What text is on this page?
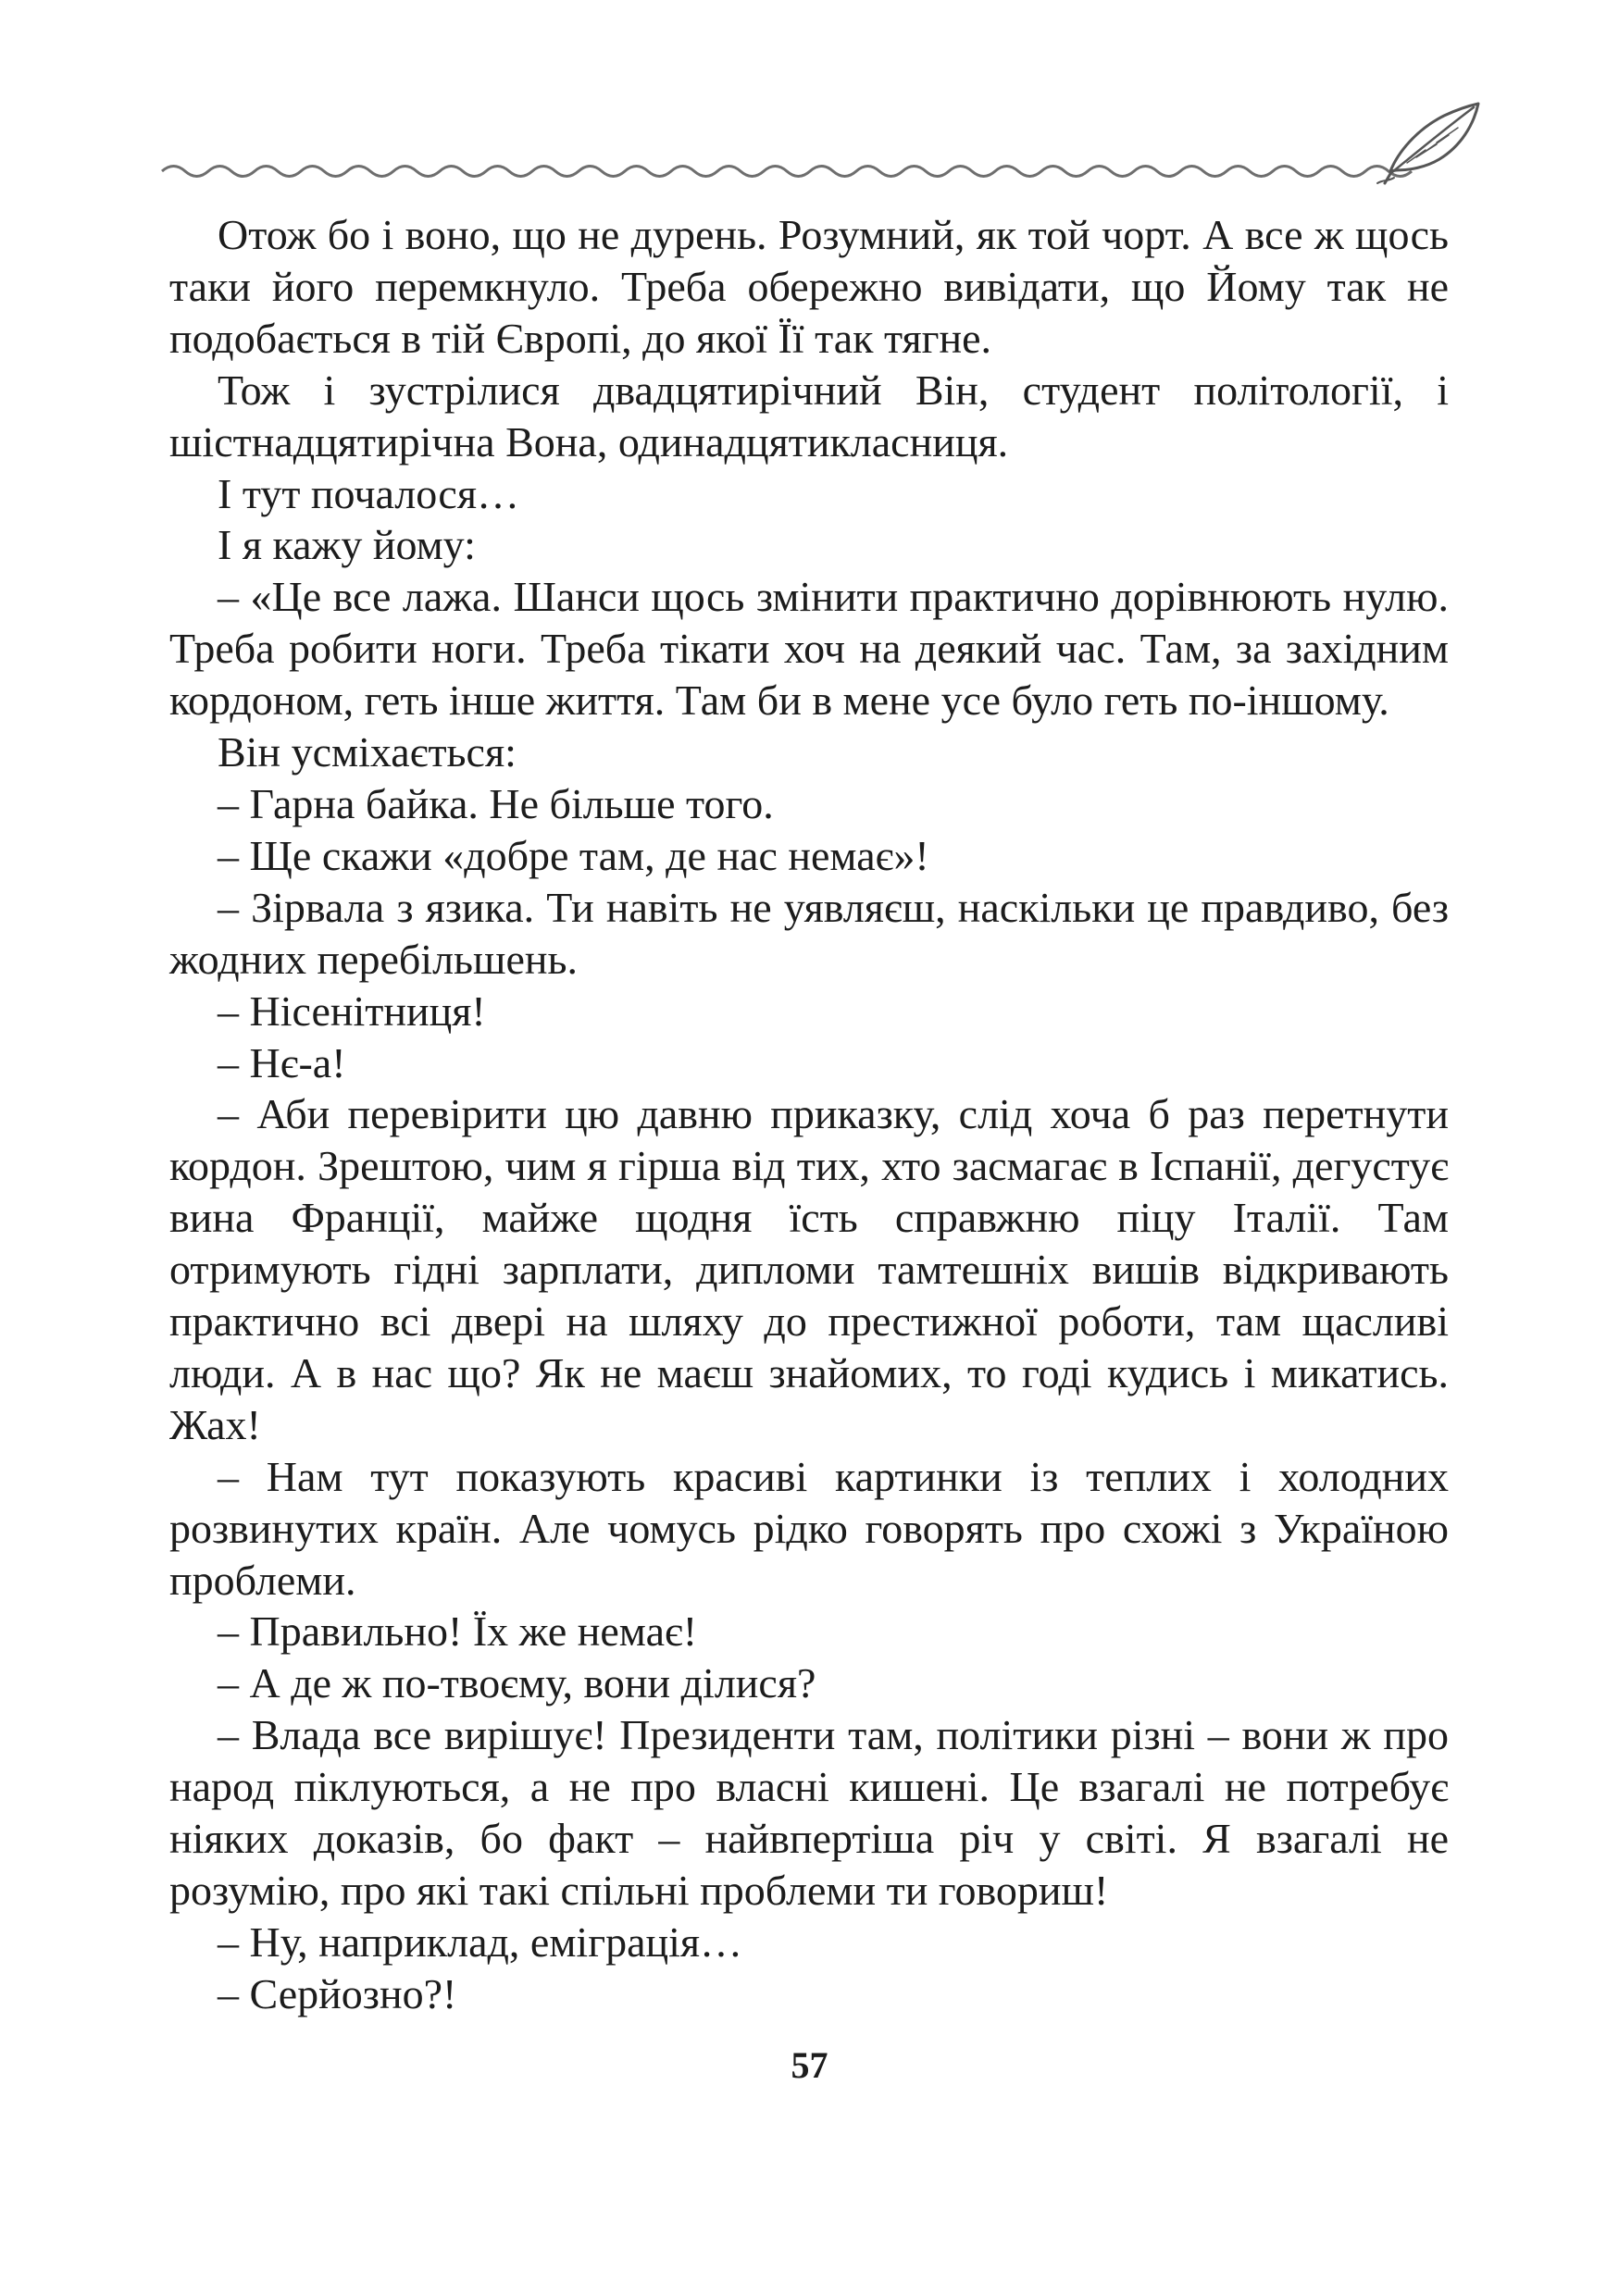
Отож бо і воно, що не дурень. Розумний, як той чорт. А все ж щось таки його перемкнуло. Треба обережно вивідати, що Йому так не подобається в тій Європі, до якої Її так тягне.

Тож і зустрілися двадцятирічний Він, студент політології, і шістнадцятирічна Вона, одинадцятикласниця.

І тут почалося…

І я кажу йому:

– «Це все лажа. Шанси щось змінити практично дорівнюють нулю. Треба робити ноги. Треба тікати хоч на деякий час. Там, за західним кордоном, геть інше життя. Там би в мене усе було геть по-іншому.

Він усміхається:

– Гарна байка. Не більше того.

– Ще скажи «добре там, де нас немає»!

– Зірвала з язика. Ти навіть не уявляєш, наскільки це правдиво, без жодних перебільшень.

– Нісенітниця!

– Нє-а!

– Аби перевірити цю давню приказку, слід хоча б раз перетнути кордон. Зрештою, чим я гірша від тих, хто засмагає в Іспанії, дегустує вина Франції, майже щодня їсть справжню піцу Італії. Там отримують гідні зарплати, дипломи тамтешніх вишів відкривають практично всі двері на шляху до престижної роботи, там щасливі люди. А в нас що? Як не маєш знайомих, то годі кудись і микатись. Жах!

– Нам тут показують красиві картинки із теплих і холодних розвинутих країн. Але чомусь рідко говорять про схожі з Україною проблеми.

– Правильно! Їх же немає!

– А де ж по-твоєму, вони ділися?

– Влада все вирішує! Президенти там, політики різні – вони ж про народ піклуються, а не про власні кишені. Це взагалі не потребує ніяких доказів, бо факт – найвпертіша річ у світі. Я взагалі не розумію, про які такі спільні проблеми ти говориш!

– Ну, наприклад, еміграція…

– Серйозно?!

57
